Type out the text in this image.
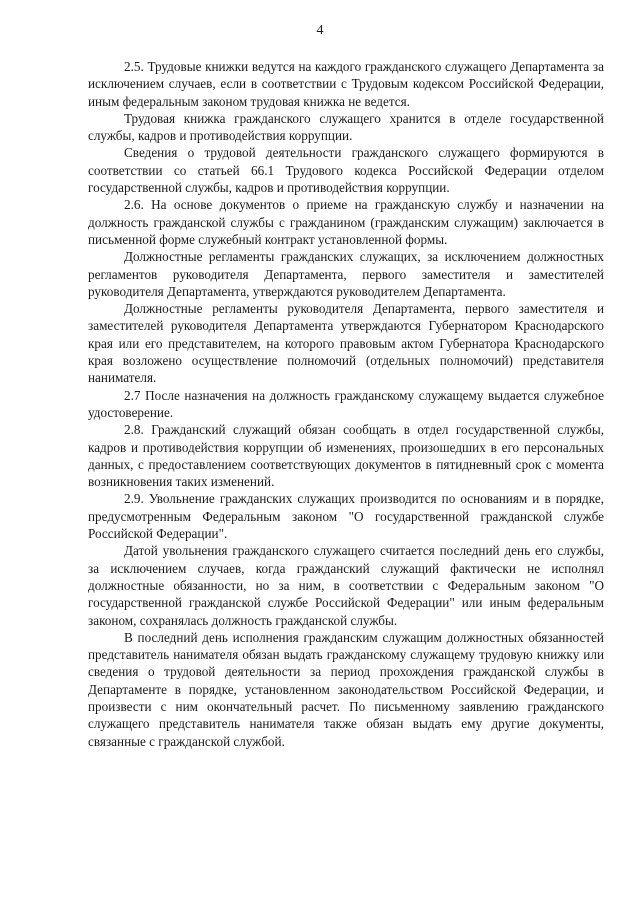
4

2.5. Трудовые книжки ведутся на каждого гражданского служащего Департамента за исключением случаев, если в соответствии с Трудовым кодексом Российской Федерации, иным федеральным законом трудовая книжка не ведется.

Трудовая книжка гражданского служащего хранится в отделе государственной службы, кадров и противодействия коррупции.

Сведения о трудовой деятельности гражданского служащего формируются в соответствии со статьей 66.1 Трудового кодекса Российской Федерации отделом государственной службы, кадров и противодействия коррупции.

2.6. На основе документов о приеме на гражданскую службу и назначении на должность гражданской службы с гражданином (гражданским служащим) заключается в письменной форме служебный контракт установленной формы.

Должностные регламенты гражданских служащих, за исключением должностных регламентов руководителя Департамента, первого заместителя и заместителей руководителя Департамента, утверждаются руководителем Департамента.

Должностные регламенты руководителя Департамента, первого заместителя и заместителей руководителя Департамента утверждаются Губернатором Краснодарского края или его представителем, на которого правовым актом Губернатора Краснодарского края возложено осуществление полномочий (отдельных полномочий) представителя нанимателя.

2.7 После назначения на должность гражданскому служащему выдается служебное удостоверение.

2.8. Гражданский служащий обязан сообщать в отдел государственной службы, кадров и противодействия коррупции об изменениях, произошедших в его персональных данных, с предоставлением соответствующих документов в пятидневный срок с момента возникновения таких изменений.

2.9. Увольнение гражданских служащих производится по основаниям и в порядке, предусмотренным Федеральным законом "О государственной гражданской службе Российской Федерации".

Датой увольнения гражданского служащего считается последний день его службы, за исключением случаев, когда гражданский служащий фактически не исполнял должностные обязанности, но за ним, в соответствии с Федеральным законом "О государственной гражданской службе Российской Федерации" или иным федеральным законом, сохранялась должность гражданской службы.

В последний день исполнения гражданским служащим должностных обязанностей представитель нанимателя обязан выдать гражданскому служащему трудовую книжку или сведения о трудовой деятельности за период прохождения гражданской службы в Департаменте в порядке, установленном законодательством Российской Федерации, и произвести с ним окончательный расчет. По письменному заявлению гражданского служащего представитель нанимателя также обязан выдать ему другие документы, связанные с гражданской службой.
